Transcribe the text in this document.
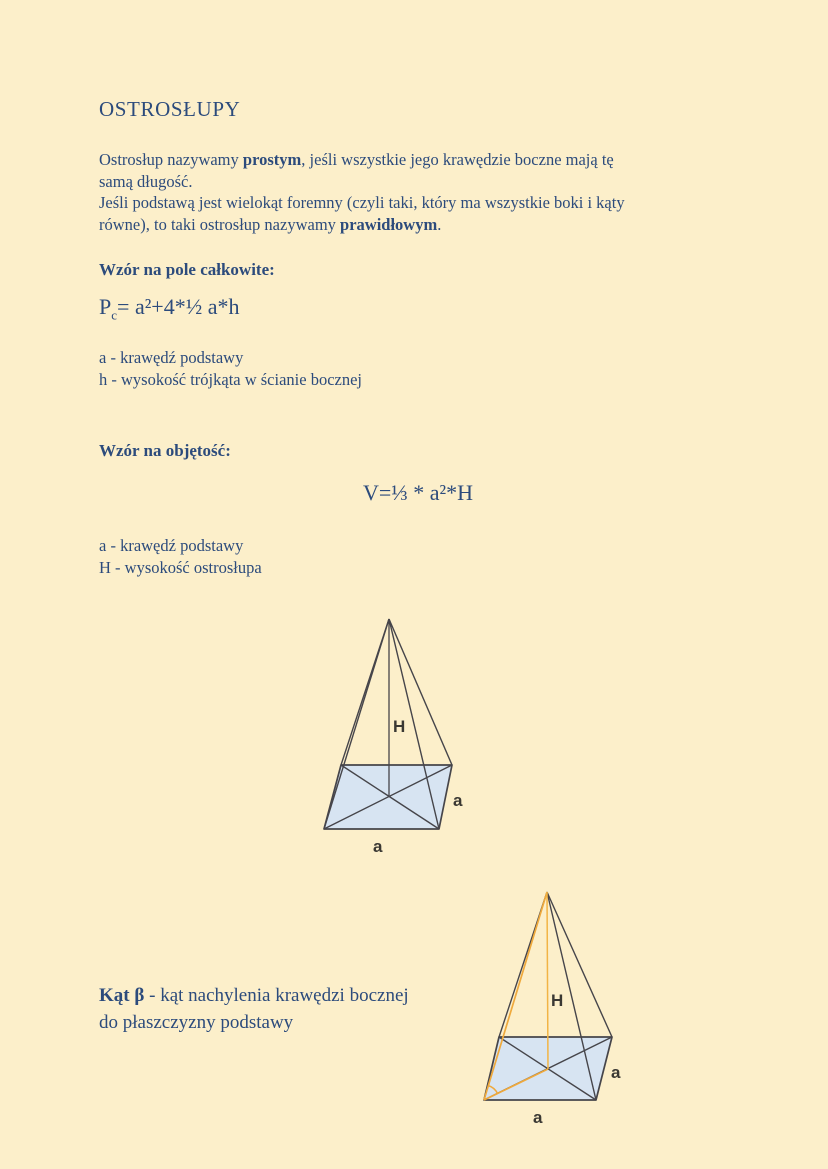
OSTROSŁUPY
Ostrosłup nazywamy prostym, jeśli wszystkie jego krawędzie boczne mają tę
samą długość.
Jeśli podstawą jest wielokąt foremny (czyli taki, który ma wszystkie boki i kąty
równe), to taki ostrosłup nazywamy prawidłowym.
Wzór na pole całkowite:
$P_c=$ a²+4*½ a*h
a - krawędź podstawy
h - wysokość trójkąta w ścianie bocznej
Wzór na objętość:
V=⅓ * a²*H
a - krawędź podstawy
H - wysokość ostrosłupa
H
a
a
Kąt β - kąt nachylenia krawędzi bocznej
do płaszczyzny podstawy
H
a
a
